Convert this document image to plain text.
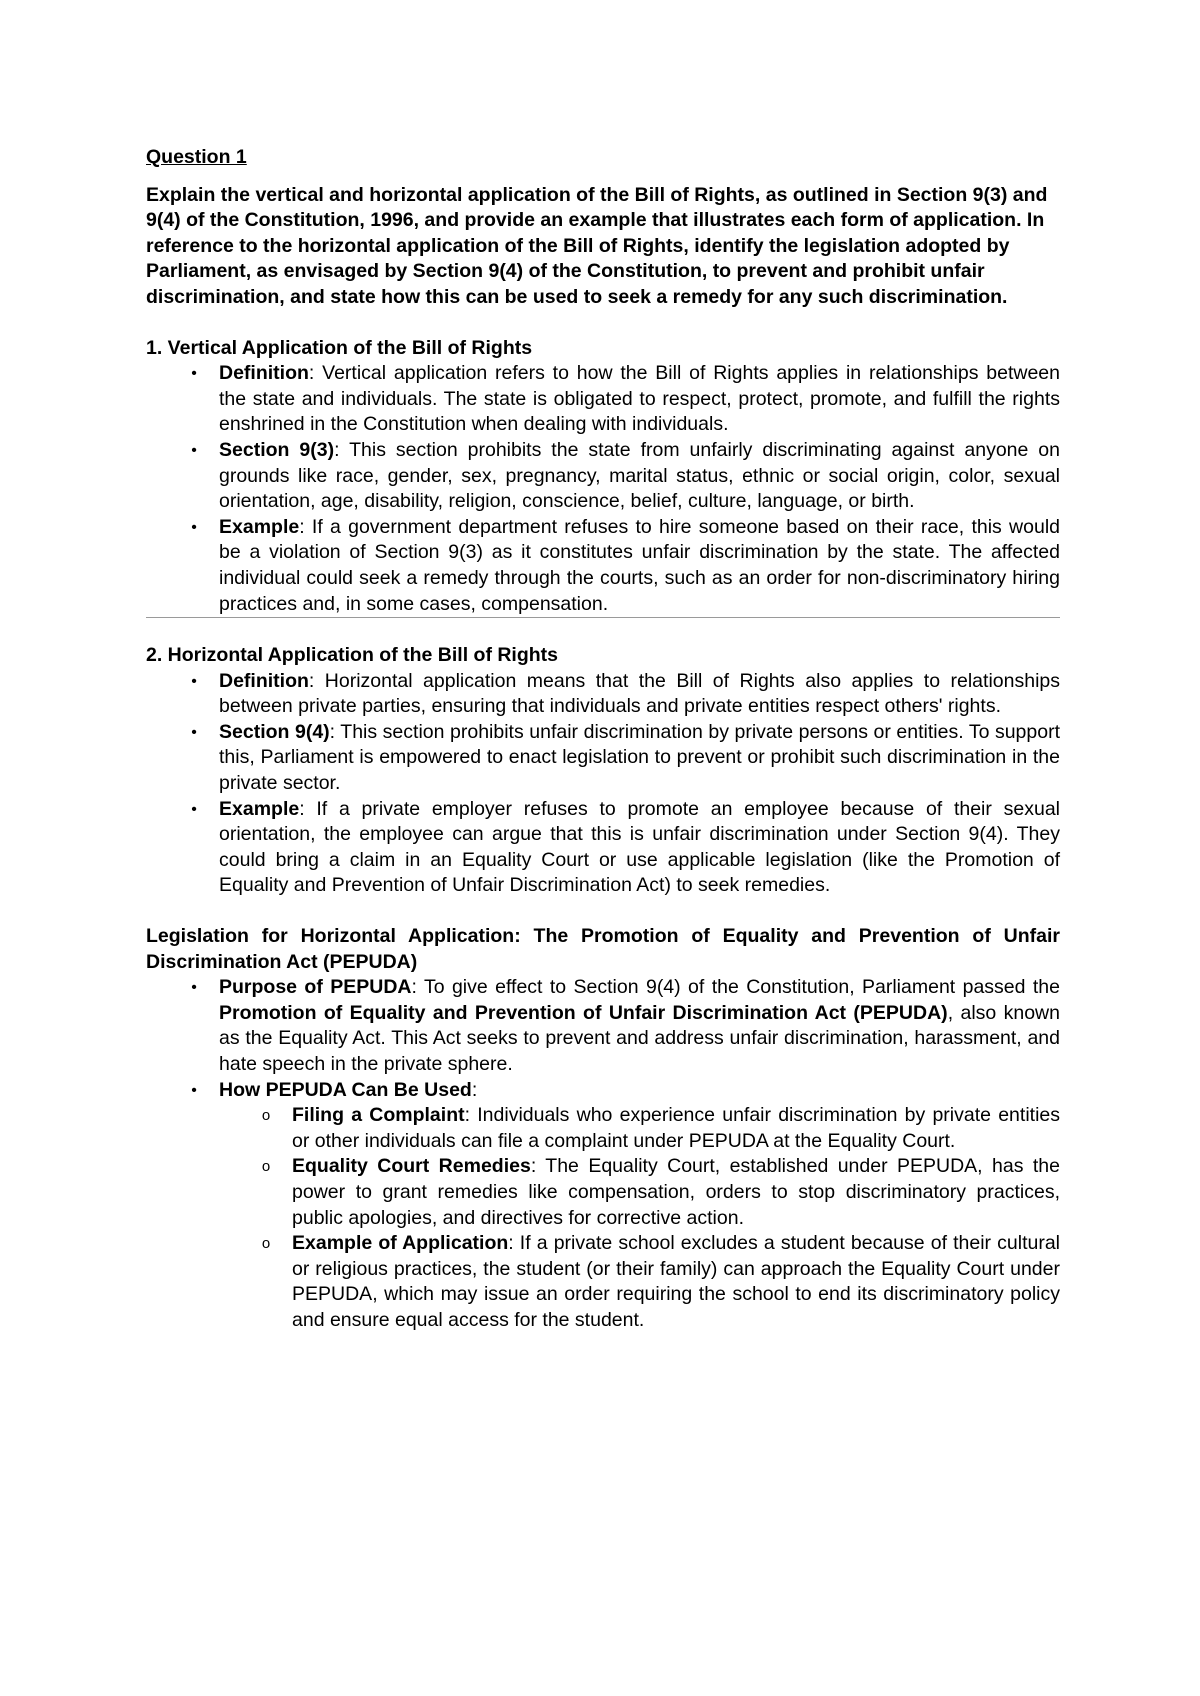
Question 1

Explain the vertical and horizontal application of the Bill of Rights, as outlined in Section 9(3) and 9(4) of the Constitution, 1996, and provide an example that illustrates each form of application. In reference to the horizontal application of the Bill of Rights, identify the legislation adopted by Parliament, as envisaged by Section 9(4) of the Constitution, to prevent and prohibit unfair discrimination, and state how this can be used to seek a remedy for any such discrimination.

1. Vertical Application of the Bill of Rights

• Definition: Vertical application refers to how the Bill of Rights applies in relationships between the state and individuals. The state is obligated to respect, protect, promote, and fulfill the rights enshrined in the Constitution when dealing with individuals.
• Section 9(3): This section prohibits the state from unfairly discriminating against anyone on grounds like race, gender, sex, pregnancy, marital status, ethnic or social origin, color, sexual orientation, age, disability, religion, conscience, belief, culture, language, or birth.
• Example: If a government department refuses to hire someone based on their race, this would be a violation of Section 9(3) as it constitutes unfair discrimination by the state. The affected individual could seek a remedy through the courts, such as an order for non-discriminatory hiring practices and, in some cases, compensation.

2. Horizontal Application of the Bill of Rights

• Definition: Horizontal application means that the Bill of Rights also applies to relationships between private parties, ensuring that individuals and private entities respect others' rights.
• Section 9(4): This section prohibits unfair discrimination by private persons or entities. To support this, Parliament is empowered to enact legislation to prevent or prohibit such discrimination in the private sector.
• Example: If a private employer refuses to promote an employee because of their sexual orientation, the employee can argue that this is unfair discrimination under Section 9(4). They could bring a claim in an Equality Court or use applicable legislation (like the Promotion of Equality and Prevention of Unfair Discrimination Act) to seek remedies.

Legislation for Horizontal Application: The Promotion of Equality and Prevention of Unfair Discrimination Act (PEPUDA)

• Purpose of PEPUDA: To give effect to Section 9(4) of the Constitution, Parliament passed the Promotion of Equality and Prevention of Unfair Discrimination Act (PEPUDA), also known as the Equality Act. This Act seeks to prevent and address unfair discrimination, harassment, and hate speech in the private sphere.
• How PEPUDA Can Be Used:
o Filing a Complaint: Individuals who experience unfair discrimination by private entities or other individuals can file a complaint under PEPUDA at the Equality Court.
o Equality Court Remedies: The Equality Court, established under PEPUDA, has the power to grant remedies like compensation, orders to stop discriminatory practices, public apologies, and directives for corrective action.
o Example of Application: If a private school excludes a student because of their cultural or religious practices, the student (or their family) can approach the Equality Court under PEPUDA, which may issue an order requiring the school to end its discriminatory policy and ensure equal access for the student.
